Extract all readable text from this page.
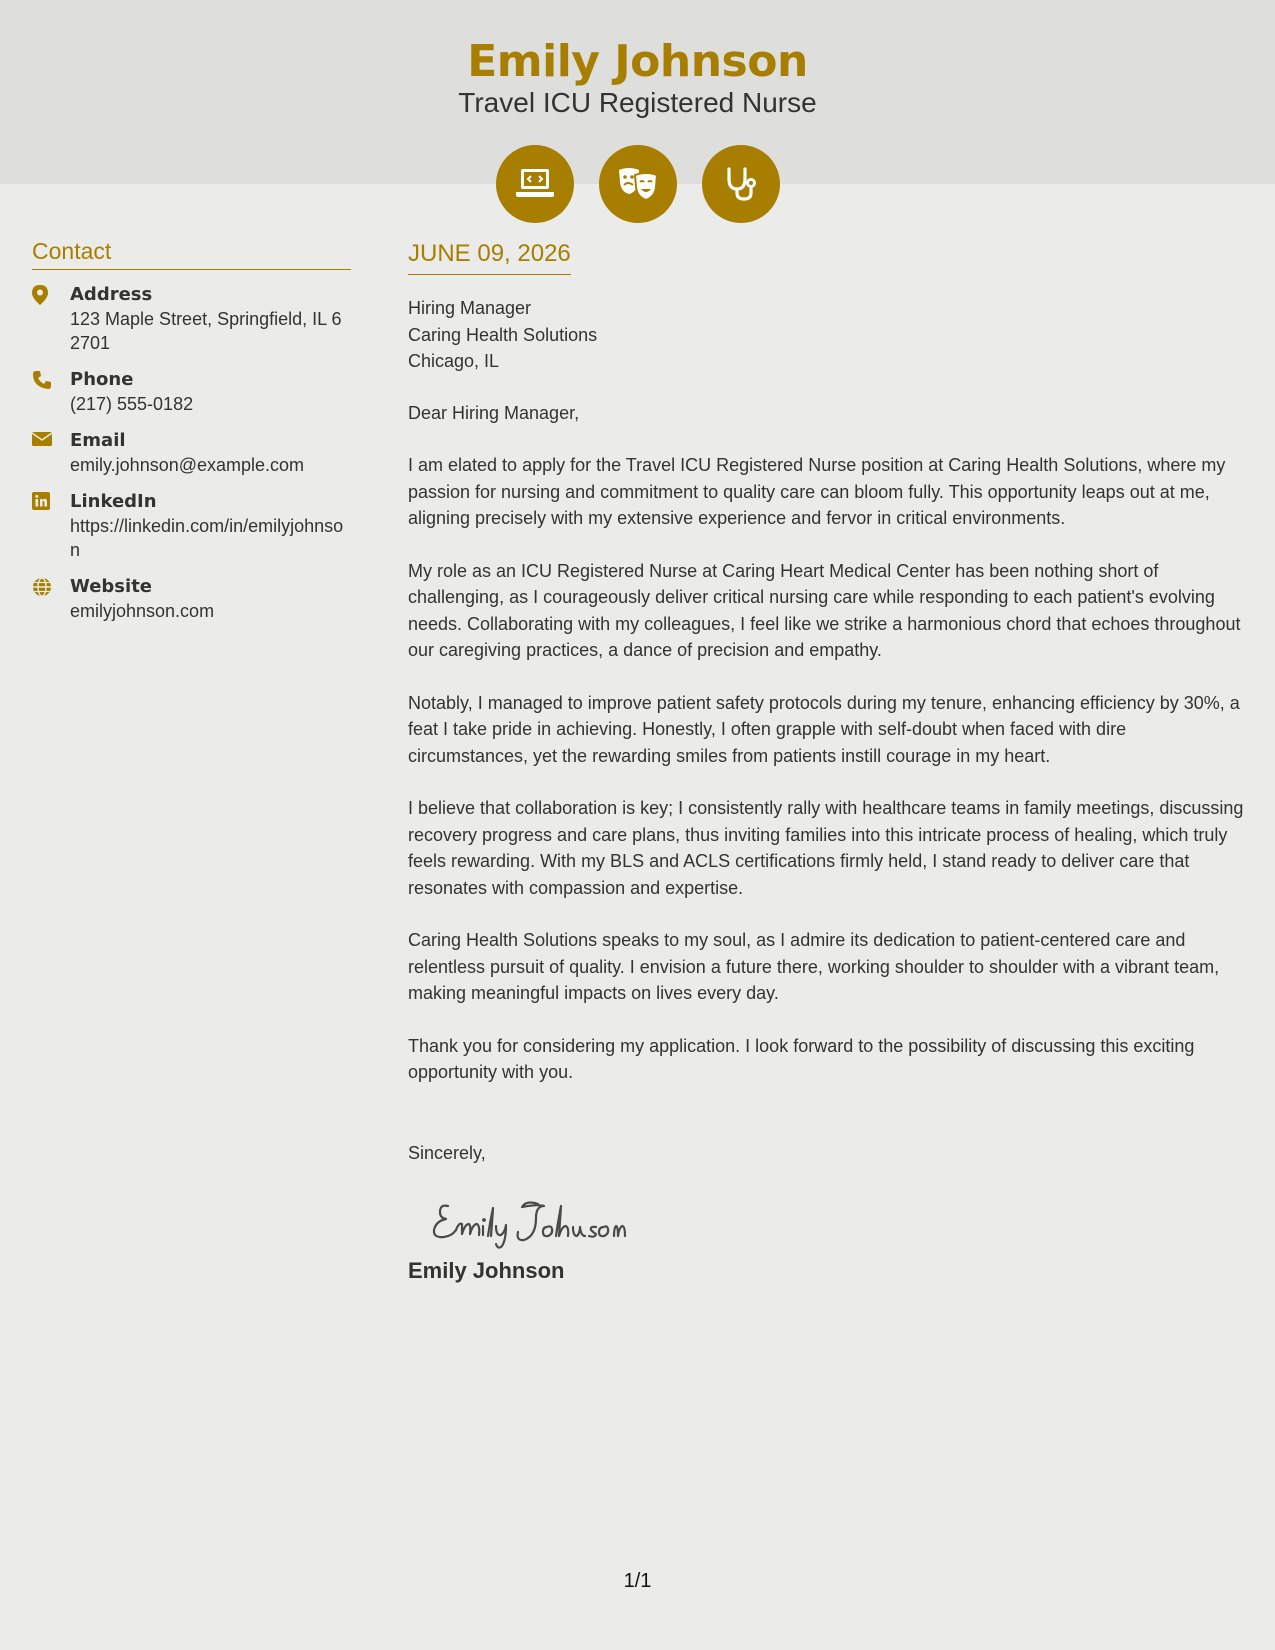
Emily Johnson
Travel ICU Registered Nurse
Contact
Address
123 Maple Street, Springfield, IL 62701
Phone
(217) 555-0182
Email
emily.johnson@example.com
LinkedIn
https://linkedin.com/in/emilyjohnson
Website
emilyjohnson.com
JUNE 09, 2026
Hiring Manager
Caring Health Solutions
Chicago, IL
Dear Hiring Manager,
I am elated to apply for the Travel ICU Registered Nurse position at Caring Health Solutions, where my passion for nursing and commitment to quality care can bloom fully. This opportunity leaps out at me, aligning precisely with my extensive experience and fervor in critical environments.
My role as an ICU Registered Nurse at Caring Heart Medical Center has been nothing short of challenging, as I courageously deliver critical nursing care while responding to each patient's evolving needs. Collaborating with my colleagues, I feel like we strike a harmonious chord that echoes throughout our caregiving practices, a dance of precision and empathy.
Notably, I managed to improve patient safety protocols during my tenure, enhancing efficiency by 30%, a feat I take pride in achieving. Honestly, I often grapple with self-doubt when faced with dire circumstances, yet the rewarding smiles from patients instill courage in my heart.
I believe that collaboration is key; I consistently rally with healthcare teams in family meetings, discussing recovery progress and care plans, thus inviting families into this intricate process of healing, which truly feels rewarding. With my BLS and ACLS certifications firmly held, I stand ready to deliver care that resonates with compassion and expertise.
Caring Health Solutions speaks to my soul, as I admire its dedication to patient-centered care and relentless pursuit of quality. I envision a future there, working shoulder to shoulder with a vibrant team, making meaningful impacts on lives every day.
Thank you for considering my application. I look forward to the possibility of discussing this exciting opportunity with you.
Sincerely,
Emily Johnson
1/1
